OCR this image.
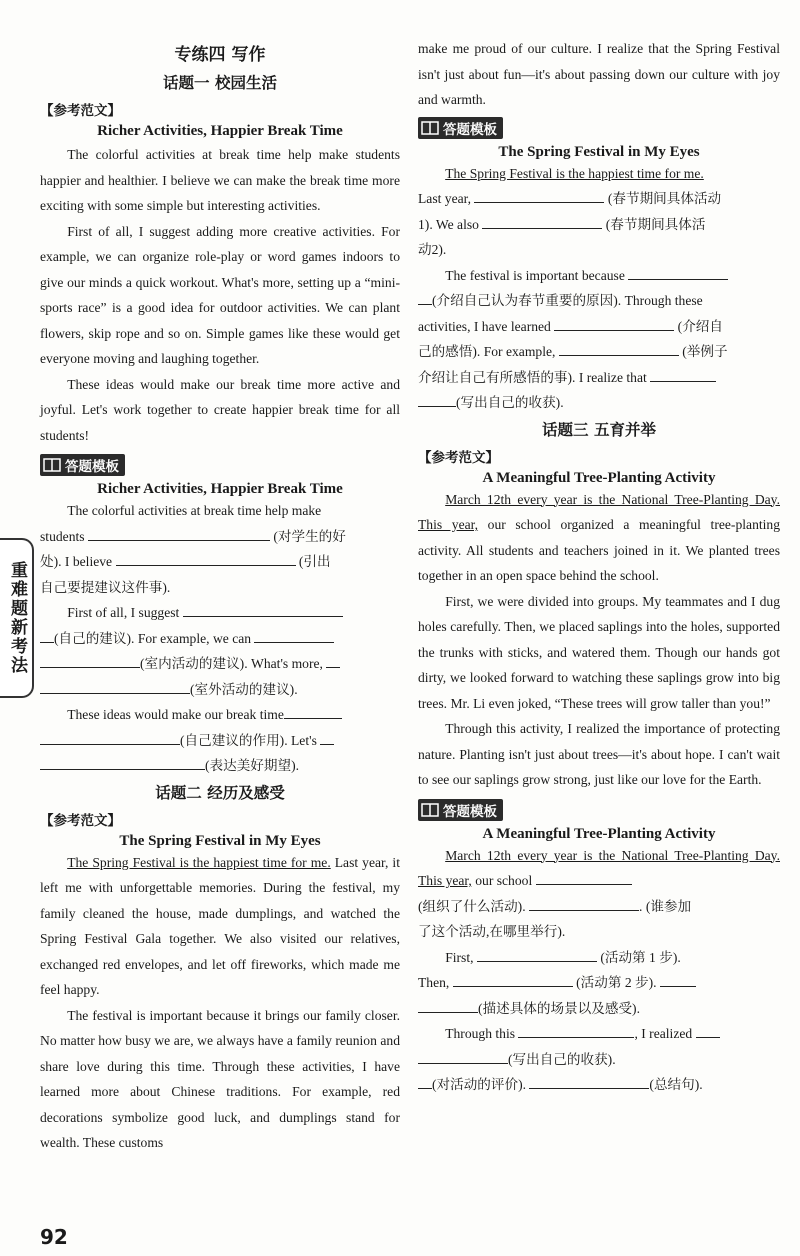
重难题新考法

专练四 写作

话题一 校园生活

【参考范文】

Richer Activities, Happier Break Time

The colorful activities at break time help make students happier and healthier. I believe we can make the break time more exciting with some simple but interesting activities.

First of all, I suggest adding more creative activities. For example, we can organize role-play or word games indoors to give our minds a quick workout. What's more, setting up a “mini-sports race” is a good idea for outdoor activities. We can plant flowers, skip rope and so on. Simple games like these would get everyone moving and laughing together.

These ideas would make our break time more active and joyful. Let's work together to create happier break time for all students!

答题模板

Richer Activities, Happier Break Time

The colorful activities at break time help make
students	(对学生的好
处). I believe	(引出
自己要提建议这件事).
First of all, I suggest
(自己的建议). For example, we can
(室内活动的建议). What's more,
(室外活动的建议).
These ideas would make our break time
(自己建议的作用). Let's
(表达美好期望).

话题二 经历及感受

【参考范文】

The Spring Festival in My Eyes

The Spring Festival is the happiest time for me. Last year, it left me with unforgettable memories. During the festival, my family cleaned the house, made dumplings, and watched the Spring Festival Gala together. We also visited our relatives, exchanged red envelopes, and let off fireworks, which made me feel happy.

The festival is important because it brings our family closer. No matter how busy we are, we always have a family reunion and share love during this time. Through these activities, I have learned more about Chinese traditions. For example, red decorations symbolize good luck, and dumplings stand for wealth. These customs

make me proud of our culture. I realize that the Spring Festival isn't just about fun—it's about passing down our culture with joy and warmth.

答题模板

The Spring Festival in My Eyes

The Spring Festival is the happiest time for me.
Last year,	(春节期间具体活动
1). We also	(春节期间具体活
动2).
The festival is important because
(介绍自己认为春节重要的原因). Through these
activities, I have learned	(介绍自
己的感悟). For example,	(举例子
介绍让自己有所感悟的事). I realize that
(写出自己的收获).

话题三 五育并举

【参考范文】

A Meaningful Tree-Planting Activity

March 12th every year is the National Tree-Planting Day. This year, our school organized a meaningful tree-planting activity. All students and teachers joined in it. We planted trees together in an open space behind the school.

First, we were divided into groups. My teammates and I dug holes carefully. Then, we placed saplings into the holes, supported the trunks with sticks, and watered them. Though our hands got dirty, we looked forward to watching these saplings grow into big trees. Mr. Li even joked, “These trees will grow taller than you!”

Through this activity, I realized the importance of protecting nature. Planting isn't just about trees—it's about hope. I can't wait to see our saplings grow strong, just like our love for the Earth.

答题模板

A Meaningful Tree-Planting Activity

March 12th every year is the National Tree-Planting Day. This year, our school
(组织了什么活动).	. (谁参加
了这个活动,在哪里举行).
First,	(活动第 1 步).
Then,	(活动第 2 步).
(描述具体的场景以及感受).
Through this	, I realized
(写出自己的收获).
(对活动的评价).	(总结句).
92
